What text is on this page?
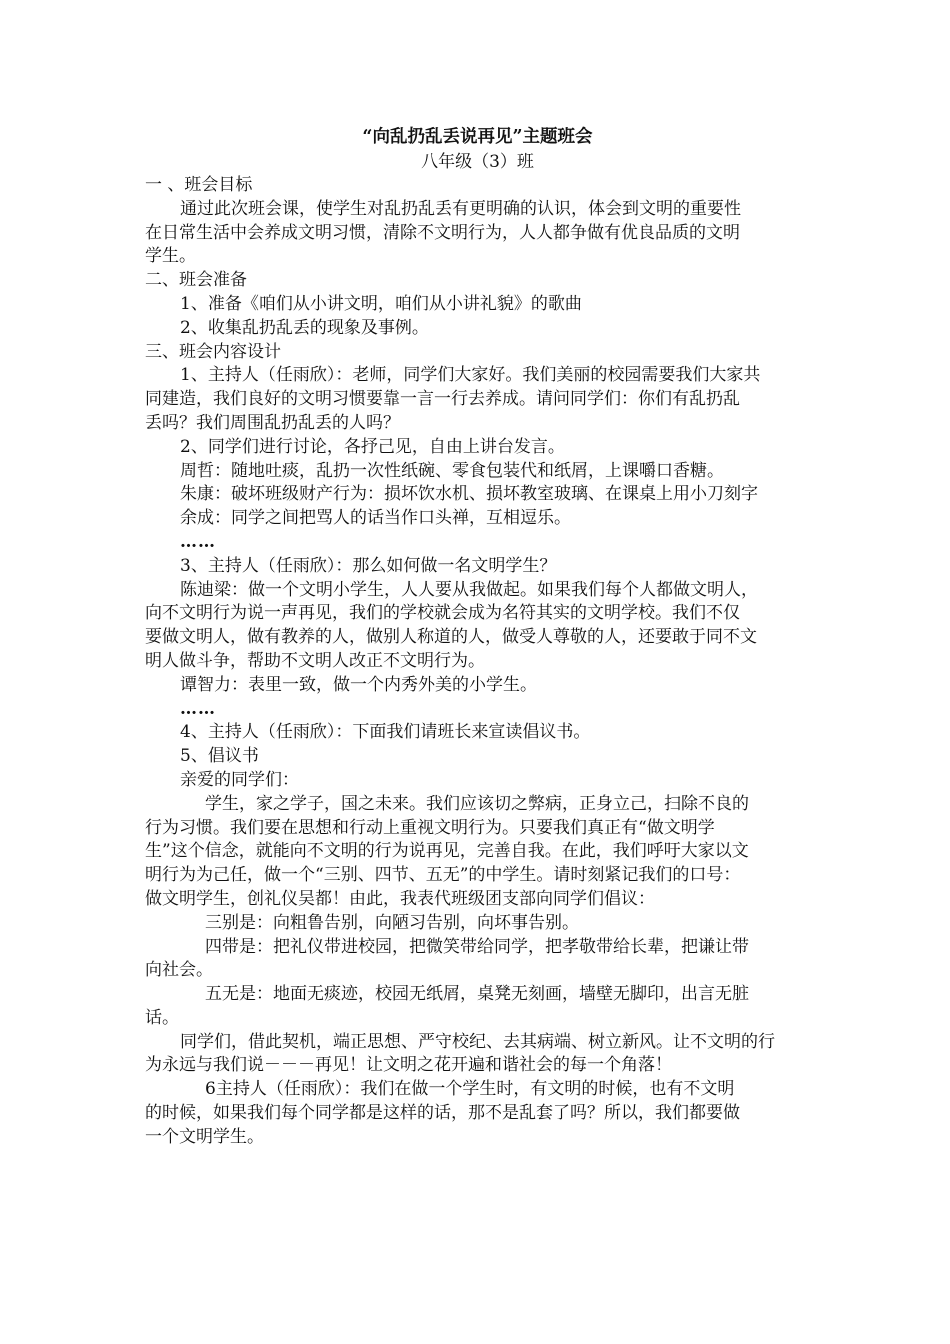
“向乱扔乱丢说再见”主题班会

八年级（3）班

一 、班会目标

通过此次班会课，使学生对乱扔乱丢有更明确的认识，体会到文明的重要性

在日常生活中会养成文明习惯，清除不文明行为，人人都争做有优良品质的文明

学生。

二、班会准备

1、准备《咱们从小讲文明，咱们从小讲礼貌》的歌曲

2、收集乱扔乱丢的现象及事例。

三、班会内容设计

1、主持人（任雨欣）：老师，同学们大家好。我们美丽的校园需要我们大家共

同建造，我们良好的文明习惯要靠一言一行去养成。请问同学们：你们有乱扔乱

丢吗？我们周围乱扔乱丢的人吗？

2、同学们进行讨论，各抒己见，自由上讲台发言。

周哲：随地吐痰，乱扔一次性纸碗、零食包装代和纸屑，上课嚼口香糖。

朱康：破坏班级财产行为：损坏饮水机、损坏教室玻璃、在课桌上用小刀刻字

余成：同学之间把骂人的话当作口头禅，互相逗乐。

……

3、主持人（任雨欣）：那么如何做一名文明学生？

陈迪梁：做一个文明小学生，人人要从我做起。如果我们每个人都做文明人，

向不文明行为说一声再见，我们的学校就会成为名符其实的文明学校。我们不仅

要做文明人，做有教养的人，做别人称道的人，做受人尊敬的人，还要敢于同不文

明人做斗争，帮助不文明人改正不文明行为。

谭智力：表里一致，做一个内秀外美的小学生。

……

4、主持人（任雨欣）：下面我们请班长来宣读倡议书。

5、倡议书

亲爱的同学们：

学生，家之学子，国之未来。我们应该切之弊病，正身立己，扫除不良的

行为习惯。我们要在思想和行动上重视文明行为。只要我们真正有“做文明学

生”这个信念，就能向不文明的行为说再见，完善自我。在此，我们呼吁大家以文

明行为为己任，做一个“三别、四节、五无”的中学生。请时刻紧记我们的口号：

做文明学生，创礼仪吴都！由此，我表代班级团支部向同学们倡议：

三别是：向粗鲁告别，向陋习告别，向坏事告别。

四带是：把礼仪带进校园，把微笑带给同学，把孝敬带给长辈，把谦让带

向社会。

五无是：地面无痰迹，校园无纸屑，桌凳无刻画，墙壁无脚印，出言无脏

话。

同学们，借此契机，端正思想、严守校纪、去其病端、树立新风。让不文明的行

为永远与我们说－－－再见！让文明之花开遍和谐社会的每一个角落！

6主持人（任雨欣）：我们在做一个学生时，有文明的时候，也有不文明

的时候，如果我们每个同学都是这样的话，那不是乱套了吗？所以，我们都要做

一个文明学生。
